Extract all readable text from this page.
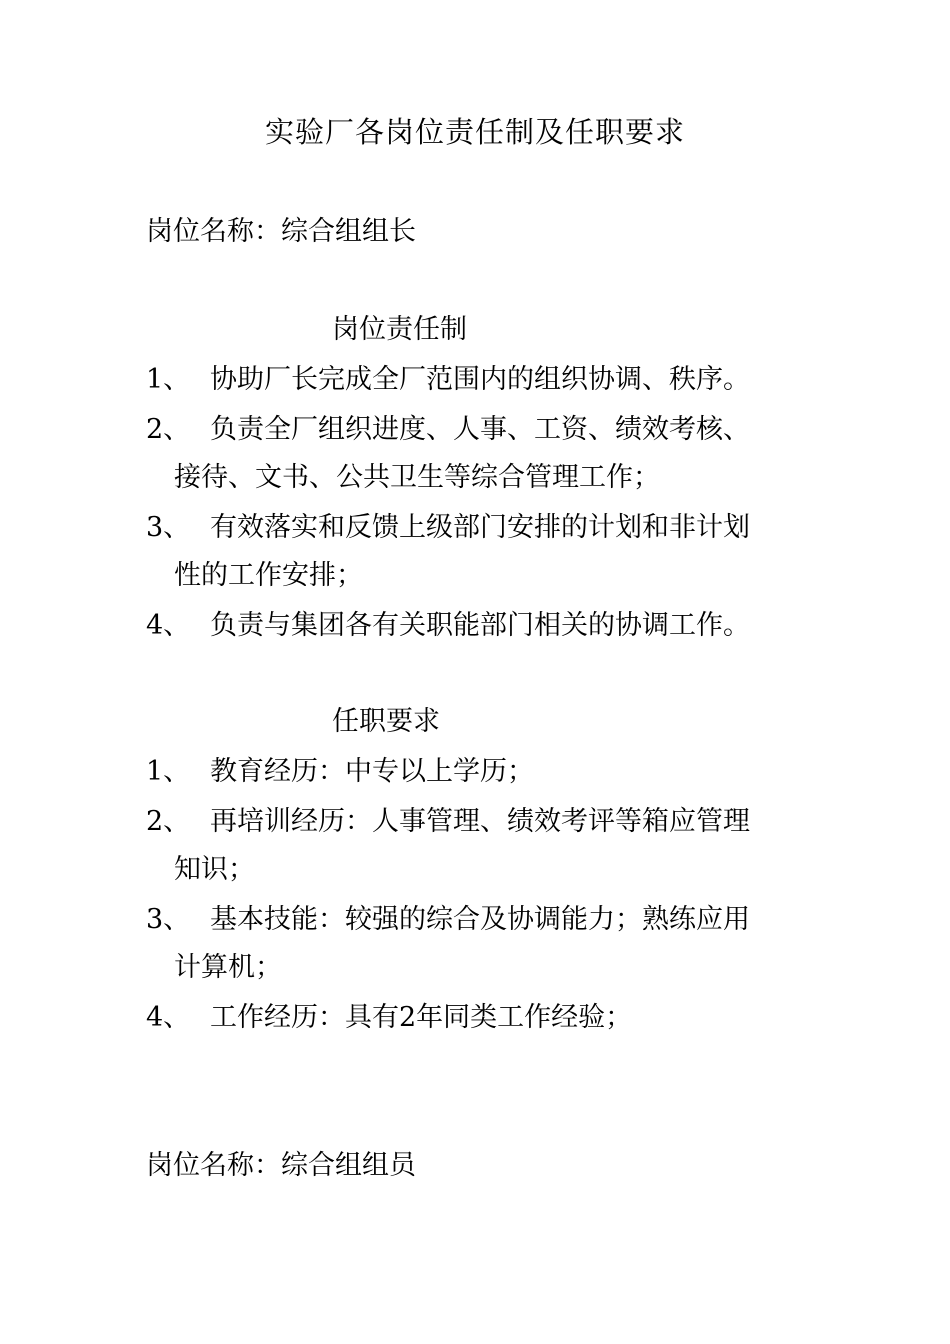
实验厂各岗位责任制及任职要求
岗位名称：综合组组长
岗位责任制
1、 协助厂长完成全厂范围内的组织协调、秩序。
2、 负责全厂组织进度、人事、工资、绩效考核、
接待、文书、公共卫生等综合管理工作；
3、 有效落实和反馈上级部门安排的计划和非计划
性的工作安排；
4、 负责与集团各有关职能部门相关的协调工作。
任职要求
1、 教育经历：中专以上学历；
2、 再培训经历：人事管理、绩效考评等箱应管理
知识；
3、 基本技能：较强的综合及协调能力；熟练应用
计算机；
4、 工作经历：具有2年同类工作经验；
岗位名称：综合组组员
